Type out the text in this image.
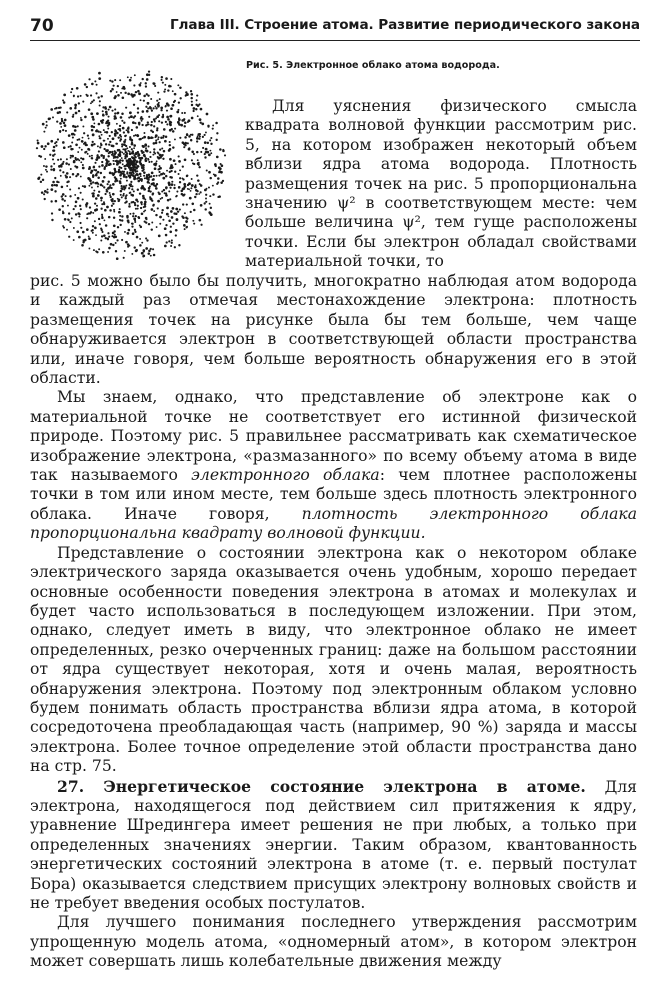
70	Глава III. Строение атома. Развитие периодического закона
Рис. 5. Электронное облако атома водорода.

Для уяснения физического смысла квадрата волновой функции рассмотрим рис. 5, на котором изображен некоторый объем вблизи ядра атома водорода. Плотность размещения точек на рис. 5 пропорциональна значению ψ² в соответствующем месте: чем больше величина ψ², тем гуще расположены точки. Если бы электрон обладал свойствами материальной точки, то

рис. 5 можно было бы получить, многократно наблюдая атом водорода и каждый раз отмечая местонахождение электрона: плотность размещения точек на рисунке была бы тем больше, чем чаще обнаруживается электрон в соответствующей области пространства или, иначе говоря, чем больше вероятность обнаружения его в этой области.

Мы знаем, однако, что представление об электроне как о материальной точке не соответствует его истинной физической природе. Поэтому рис. 5 правильнее рассматривать как схематическое изображение электрона, «размазанного» по всему объему атома в виде так называемого электронного облака: чем плотнее расположены точки в том или ином месте, тем больше здесь плотность электронного облака. Иначе говоря, плотность электронного облака пропорциональна квадрату волновой функции.

Представление о состоянии электрона как о некотором облаке электрического заряда оказывается очень удобным, хорошо передает основные особенности поведения электрона в атомах и молекулах и будет часто использоваться в последующем изложении. При этом, однако, следует иметь в виду, что электронное облако не имеет определенных, резко очерченных границ: даже на большом расстоянии от ядра существует некоторая, хотя и очень малая, вероятность обнаружения электрона. Поэтому под электронным облаком условно будем понимать область пространства вблизи ядра атома, в которой сосредоточена преобладающая часть (например, 90 %) заряда и массы электрона. Более точное определение этой области пространства дано на стр. 75.

27. Энергетическое состояние электрона в атоме. Для электрона, находящегося под действием сил притяжения к ядру, уравнение Шредингера имеет решения не при любых, а только при определенных значениях энергии. Таким образом, квантованность энергетических состояний электрона в атоме (т. е. первый постулат Бора) оказывается следствием присущих электрону волновых свойств и не требует введения особых постулатов.

Для лучшего понимания последнего утверждения рассмотрим упрощенную модель атома, «одномерный атом», в котором электрон может совершать лишь колебательные движения между
